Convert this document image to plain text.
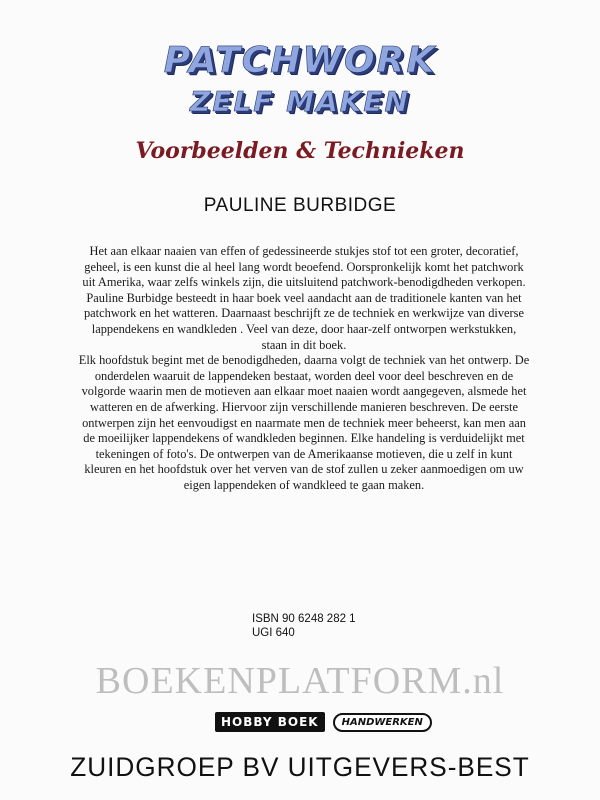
PATCHWORK
ZELF MAKEN
Voorbeelden & Technieken
PAULINE BURBIDGE

Het aan elkaar naaien van effen of gedessineerde stukjes stof tot een groter, decoratief, geheel, is een kunst die al heel lang wordt beoefend. Oorspronkelijk komt het patchwork uit Amerika, waar zelfs winkels zijn, die uitsluitend patchwork-benodigdheden verkopen.

Pauline Burbidge besteedt in haar boek veel aandacht aan de traditionele kanten van het patchwork en het watteren. Daarnaast beschrijft ze de techniek en werkwijze van diverse lappendekens en wandkleden . Veel van deze, door haar-zelf ontworpen werkstukken, staan in dit boek.

Elk hoofdstuk begint met de benodigdheden, daarna volgt de techniek van het ontwerp. De onderdelen waaruit de lappendeken bestaat, worden deel voor deel beschreven en de volgorde waarin men de motieven aan elkaar moet naaien wordt aangegeven, alsmede het watteren en de afwerking. Hiervoor zijn verschillende manieren beschreven. De eerste ontwerpen zijn het eenvoudigst en naarmate men de techniek meer beheerst, kan men aan de moeilijker lappendekens of wandkleden beginnen. Elke handeling is verduidelijkt met tekeningen of foto's. De ontwerpen van de Amerikaanse motieven, die u zelf in kunt kleuren en het hoofdstuk over het verven van de stof zullen u zeker aanmoedigen om uw eigen lappendeken of wandkleed te gaan maken.

ISBN 90 6248 282 1
UGI 640
BOEKENPLATFORM.nl
HOBBY BOEK	HANDWERKEN
ZUIDGROEP BV UITGEVERS-BEST
